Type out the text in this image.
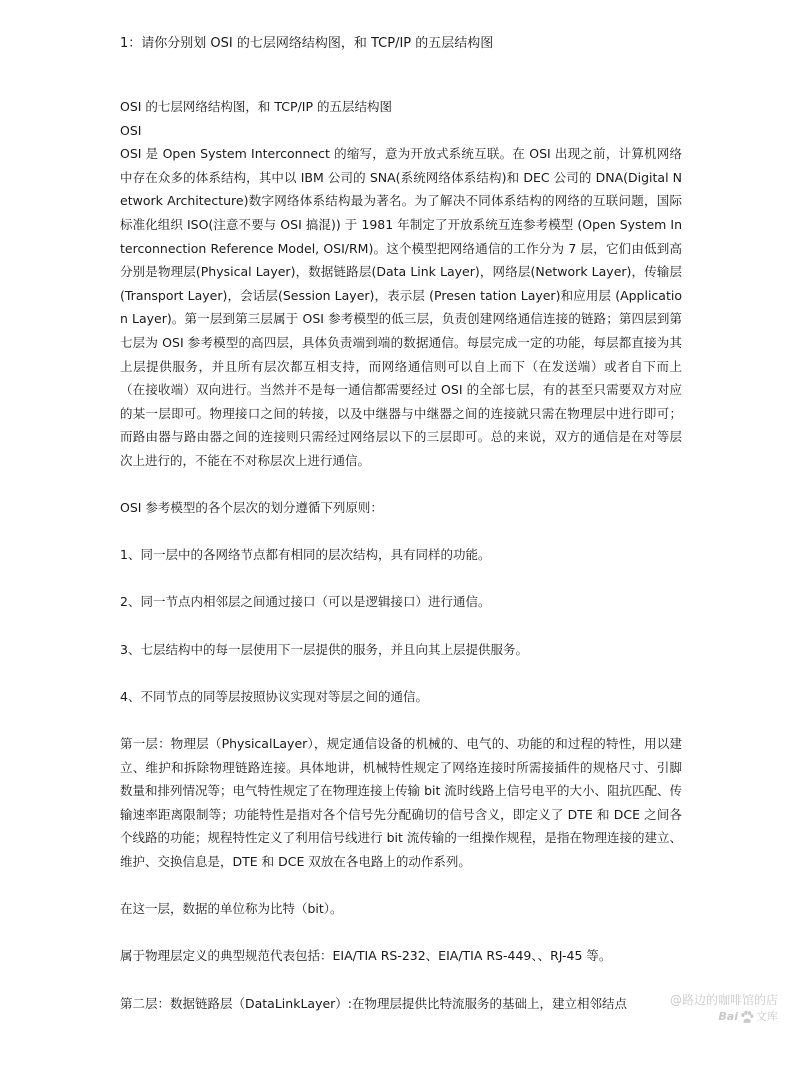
1：请你分别划 OSI 的七层网络结构图，和 TCP/IP 的五层结构图

OSI 的七层网络结构图，和 TCP/IP 的五层结构图

OSI

OSI 是 Open System Interconnect 的缩写，意为开放式系统互联。在 OSI 出现之前，计算机网络中存在众多的体系结构，其中以 IBM 公司的 SNA(系统网络体系结构)和 DEC 公司的 DNA(Digital Network Architecture)数字网络体系结构最为著名。为了解决不同体系结构的网络的互联问题，国际标准化组织 ISO(注意不要与 OSI 搞混)) 于 1981 年制定了开放系统互连参考模型 (Open System Interconnection Reference Model, OSI/RM)。这个模型把网络通信的工作分为 7 层，它们由低到高分别是物理层(Physical Layer)，数据链路层(Data Link Layer)，网络层(Network Layer)，传输层(Transport Layer)，会话层(Session Layer)，表示层 (Presen tation Layer)和应用层 (Application Layer)。第一层到第三层属于 OSI 参考模型的低三层，负责创建网络通信连接的链路；第四层到第七层为 OSI 参考模型的高四层，具体负责端到端的数据通信。每层完成一定的功能，每层都直接为其上层提供服务，并且所有层次都互相支持，而网络通信则可以自上而下（在发送端）或者自下而上（在接收端）双向进行。当然并不是每一通信都需要经过 OSI 的全部七层，有的甚至只需要双方对应的某一层即可。物理接口之间的转接，以及中继器与中继器之间的连接就只需在物理层中进行即可；而路由器与路由器之间的连接则只需经过网络层以下的三层即可。总的来说，双方的通信是在对等层次上进行的，不能在不对称层次上进行通信。

OSI 参考模型的各个层次的划分遵循下列原则：

1、同一层中的各网络节点都有相同的层次结构，具有同样的功能。

2、同一节点内相邻层之间通过接口（可以是逻辑接口）进行通信。

3、七层结构中的每一层使用下一层提供的服务，并且向其上层提供服务。

4、不同节点的同等层按照协议实现对等层之间的通信。

第一层：物理层（PhysicalLayer），规定通信设备的机械的、电气的、功能的和过程的特性，用以建立、维护和拆除物理链路连接。具体地讲，机械特性规定了网络连接时所需接插件的规格尺寸、引脚数量和排列情况等；电气特性规定了在物理连接上传输 bit 流时线路上信号电平的大小、阻抗匹配、传输速率距离限制等；功能特性是指对各个信号先分配确切的信号含义，即定义了 DTE 和 DCE 之间各个线路的功能；规程特性定义了利用信号线进行 bit 流传输的一组操作规程，是指在物理连接的建立、维护、交换信息是，DTE 和 DCE 双放在各电路上的动作系列。

在这一层，数据的单位称为比特（bit）。

属于物理层定义的典型规范代表包括：EIA/TIA RS-232、EIA/TIA RS-449、、RJ-45 等。

第二层：数据链路层（DataLinkLayer）:在物理层提供比特流服务的基础上，建立相邻结点	@路边的咖啡馆的店
Bai 文库
